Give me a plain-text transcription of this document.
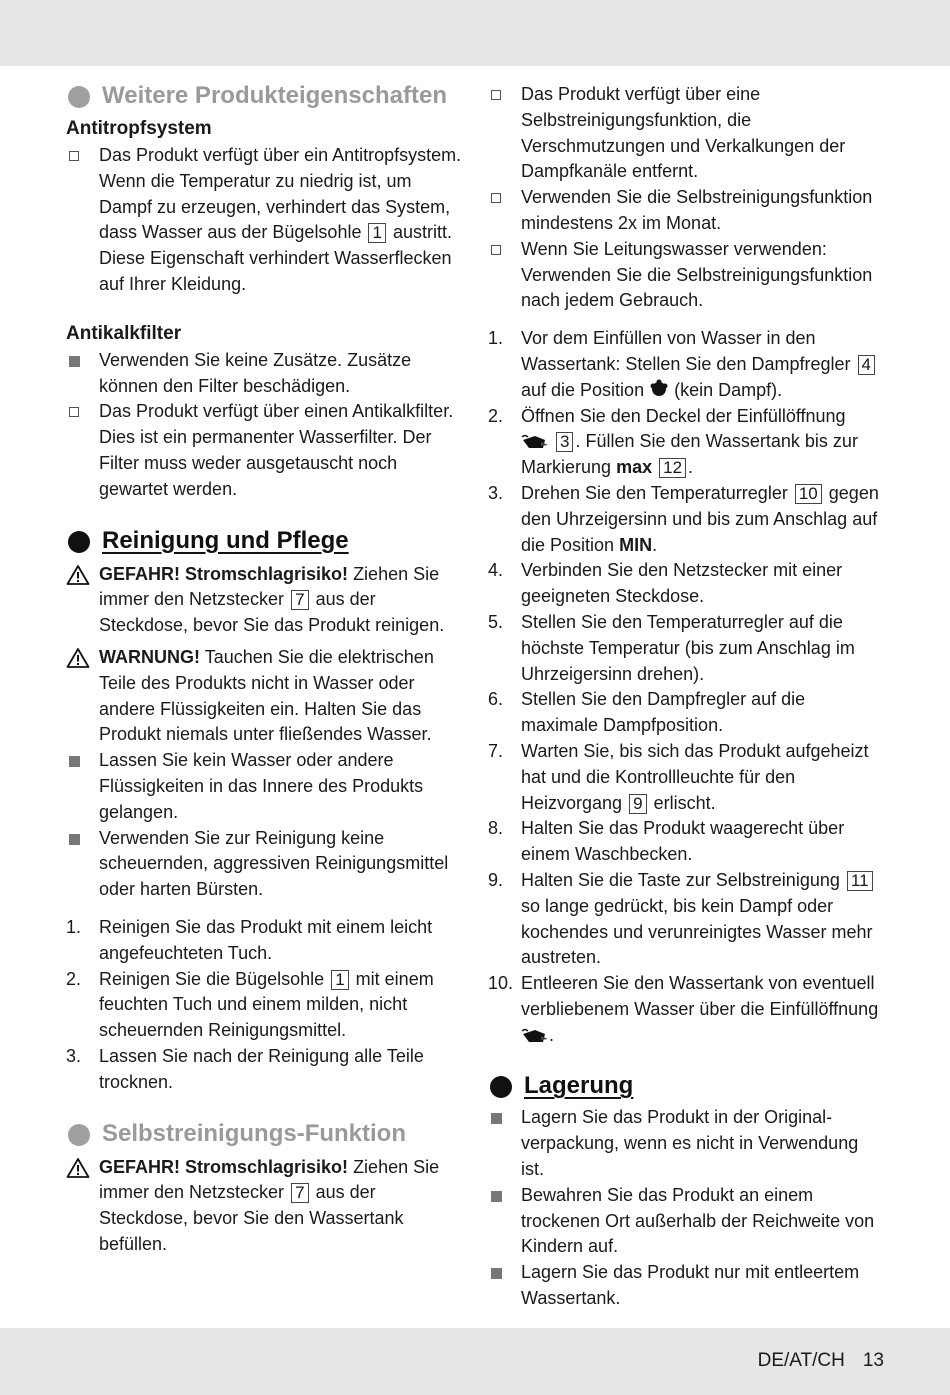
Weitere Produkteigenschaften
Antitropfsystem
Das Produkt verfügt über ein Antitropfsystem. Wenn die Temperatur zu niedrig ist, um Dampf zu erzeugen, verhindert das System, dass Wasser aus der Bügelsohle 1 austritt. Diese Eigenschaft verhindert Wasserflecken auf Ihrer Kleidung.
Antikalkfilter
Verwenden Sie keine Zusätze. Zusätze können den Filter beschädigen.
Das Produkt verfügt über einen Antikalkfilter. Dies ist ein permanenter Wasserfilter. Der Filter muss weder ausgetauscht noch gewartet werden.
Reinigung und Pflege
GEFAHR! Stromschlagrisiko! Ziehen Sie immer den Netzstecker 7 aus der Steckdose, bevor Sie das Produkt reinigen.
WARNUNG! Tauchen Sie die elektrischen Teile des Produkts nicht in Wasser oder andere Flüssigkeiten ein. Halten Sie das Produkt niemals unter fließendes Wasser.
Lassen Sie kein Wasser oder andere Flüssigkeiten in das Innere des Produkts gelangen.
Verwenden Sie zur Reinigung keine scheuernden, aggressiven Reinigungsmittel oder harten Bürsten.
1. Reinigen Sie das Produkt mit einem leicht angefeuchteten Tuch.
2. Reinigen Sie die Bügelsohle 1 mit einem feuchten Tuch und einem milden, nicht scheuernden Reinigungsmittel.
3. Lassen Sie nach der Reinigung alle Teile trocknen.
Selbstreinigungs-Funktion
GEFAHR! Stromschlagrisiko! Ziehen Sie immer den Netzstecker 7 aus der Steckdose, bevor Sie den Wassertank befüllen.
Das Produkt verfügt über eine Selbstreinigungsfunktion, die Verschmutzungen und Verkalkungen der Dampfkanäle entfernt.
Verwenden Sie die Selbstreinigungsfunktion mindestens 2x im Monat.
Wenn Sie Leitungswasser verwenden: Verwenden Sie die Selbstreinigungsfunktion nach jedem Gebrauch.
1. Vor dem Einfüllen von Wasser in den Wassertank: Stellen Sie den Dampfregler 4 auf die Position (kein Dampf).
2. Öffnen Sie den Deckel der Einfüllöffnung
3 . Füllen Sie den Wassertank bis zur Markierung max 12 .
3. Drehen Sie den Temperaturregler 10 gegen den Uhrzeigersinn und bis zum Anschlag auf die Position MIN.
4. Verbinden Sie den Netzstecker mit einer geeigneten Steckdose.
5. Stellen Sie den Temperaturregler auf die höchste Temperatur (bis zum Anschlag im Uhrzeigersinn drehen).
6. Stellen Sie den Dampfregler auf die maximale Dampfposition.
7. Warten Sie, bis sich das Produkt aufgeheizt hat und die Kontrollleuchte für den Heizvorgang 9 erlischt.
8. Halten Sie das Produkt waagerecht über einem Waschbecken.
9. Halten Sie die Taste zur Selbstreinigung 11 so lange gedrückt, bis kein Dampf oder kochendes und verunreinigtes Wasser mehr austreten.
10. Entleeren Sie den Wassertank von eventuell verbliebenem Wasser über die Einfüllöffnung
.
Lagerung
Lagern Sie das Produkt in der Original-verpackung, wenn es nicht in Verwendung ist.
Bewahren Sie das Produkt an einem trockenen Ort außerhalb der Reichweite von Kindern auf.
Lagern Sie das Produkt nur mit entleertem Wassertank.
DE/AT/CH 13
